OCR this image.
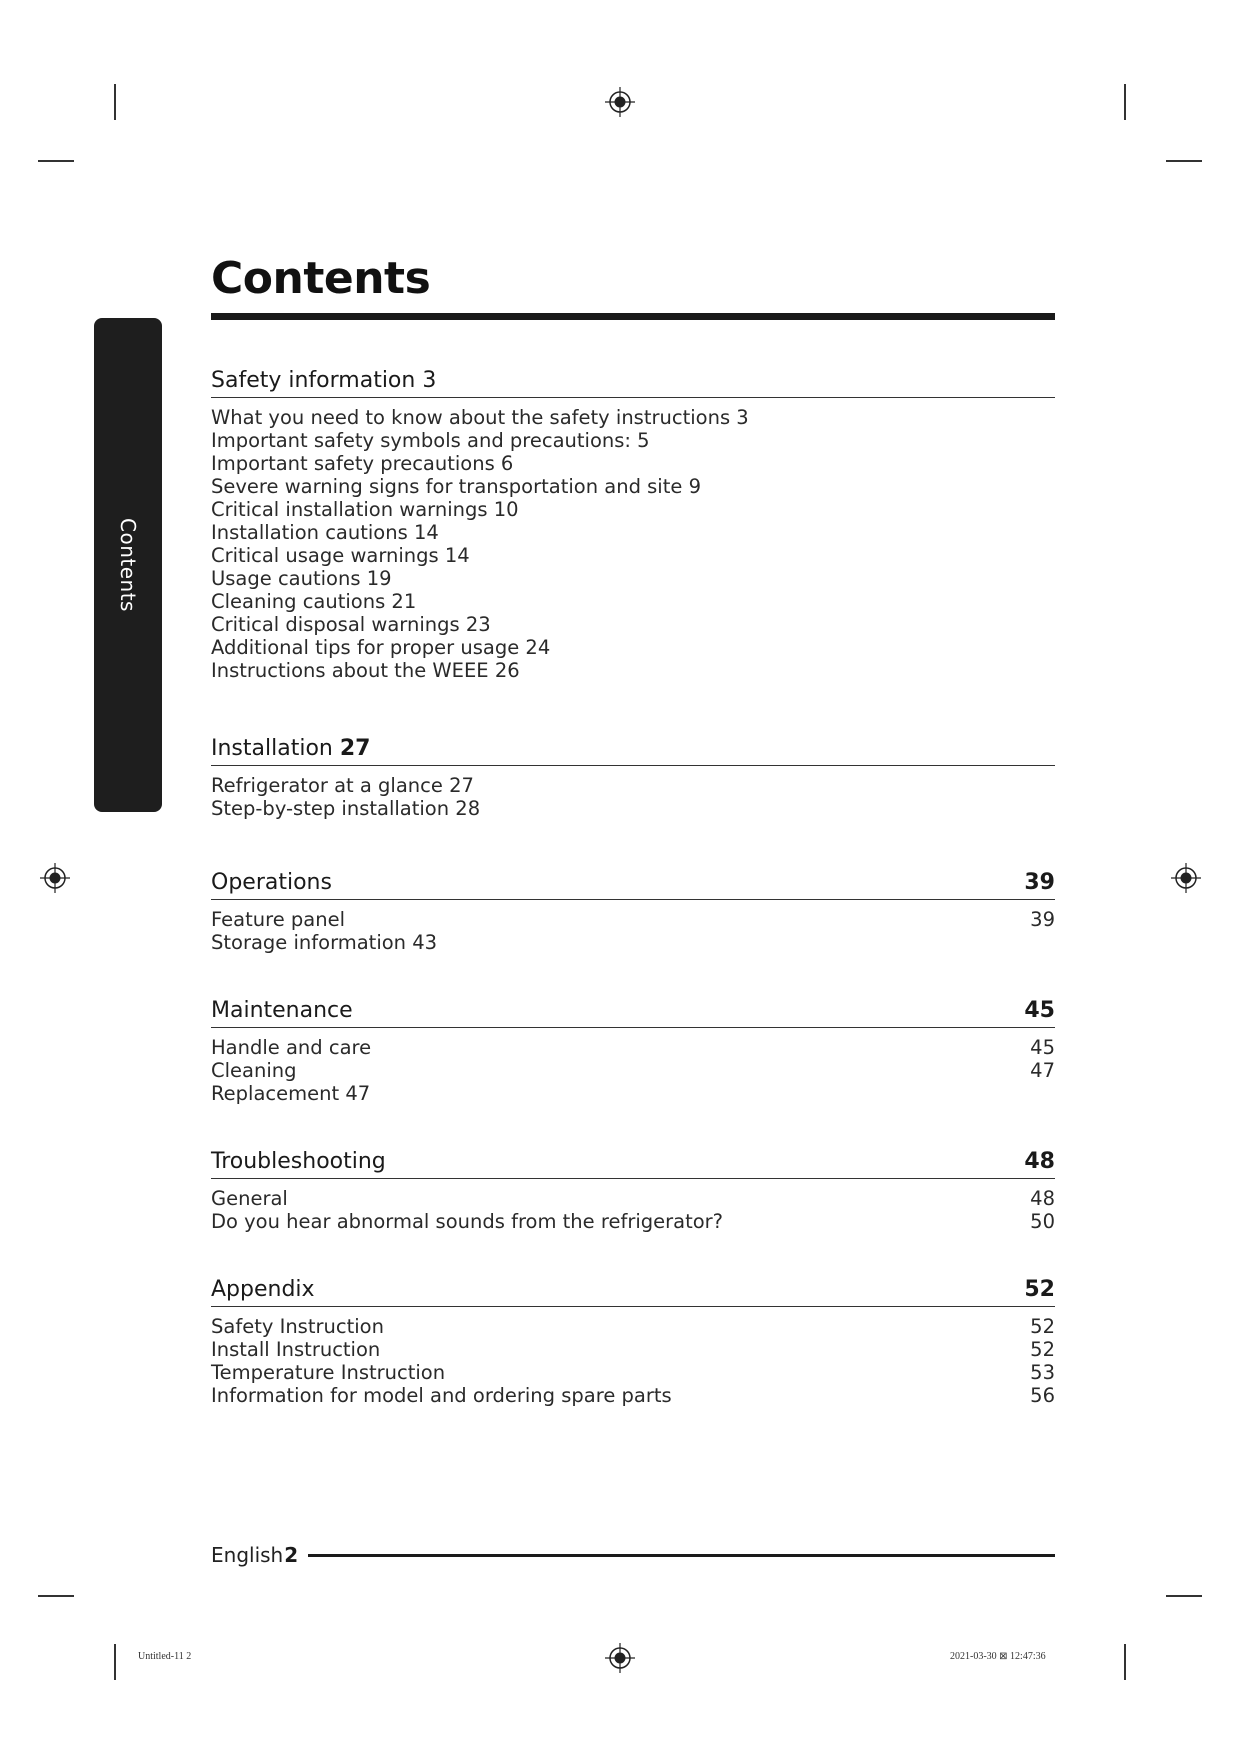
Contents
Contents
Safety information 3
What you need to know about the safety instructions 3
Important safety symbols and precautions: 5
Important safety precautions 6
Severe warning signs for transportation and site 9
Critical installation warnings 10
Installation cautions 14
Critical usage warnings 14
Usage cautions 19
Cleaning cautions 21
Critical disposal warnings 23
Additional tips for proper usage 24
Instructions about the WEEE 26
Installation 27
Refrigerator at a glance 27
Step-by-step installation 28
Operations	39
Feature panel	39
Storage information 43
Maintenance	45
Handle and care	45
Cleaning	47
Replacement 47
Troubleshooting	48
General	48
Do you hear abnormal sounds from the refrigerator?	50
Appendix	52
Safety Instruction	52
Install Instruction	52
Temperature Instruction	53
Information for model and ordering spare parts	56
English 2
Untitled-11 2	2021-03-30 ⊠ 12:47:36
